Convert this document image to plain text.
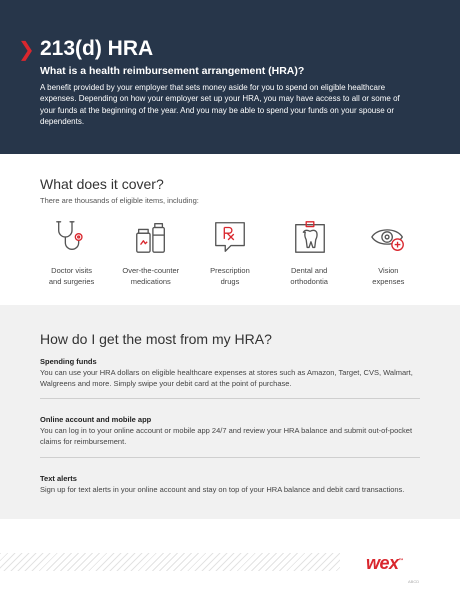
❯ 213(d) HRA
What is a health reimbursement arrangement (HRA)?
A benefit provided by your employer that sets money aside for you to spend on eligible healthcare expenses. Depending on how your employer set up your HRA, you may have access to all or some of your funds at the beginning of the year. And you may be able to spend your funds on your spouse or dependents.
What does it cover?
There are thousands of eligible items, including:
Doctor visits
and surgeries
Over-the-counter
medications
Prescription
drugs
Dental and
orthodontia
Vision
expenses
How do I get the most from my HRA?
Spending funds
You can use your HRA dollars on eligible healthcare expenses at stores such as Amazon, Target, CVS, Walmart, Walgreens and more. Simply swipe your debit card at the point of purchase.
Online account and mobile app
You can log in to your online account or mobile app 24/7 and review your HRA balance and submit out-of-pocket claims for reimbursement.
Text alerts
Sign up for text alerts in your online account and stay on top of your HRA balance and debit card transactions.
wex™
ABCD
